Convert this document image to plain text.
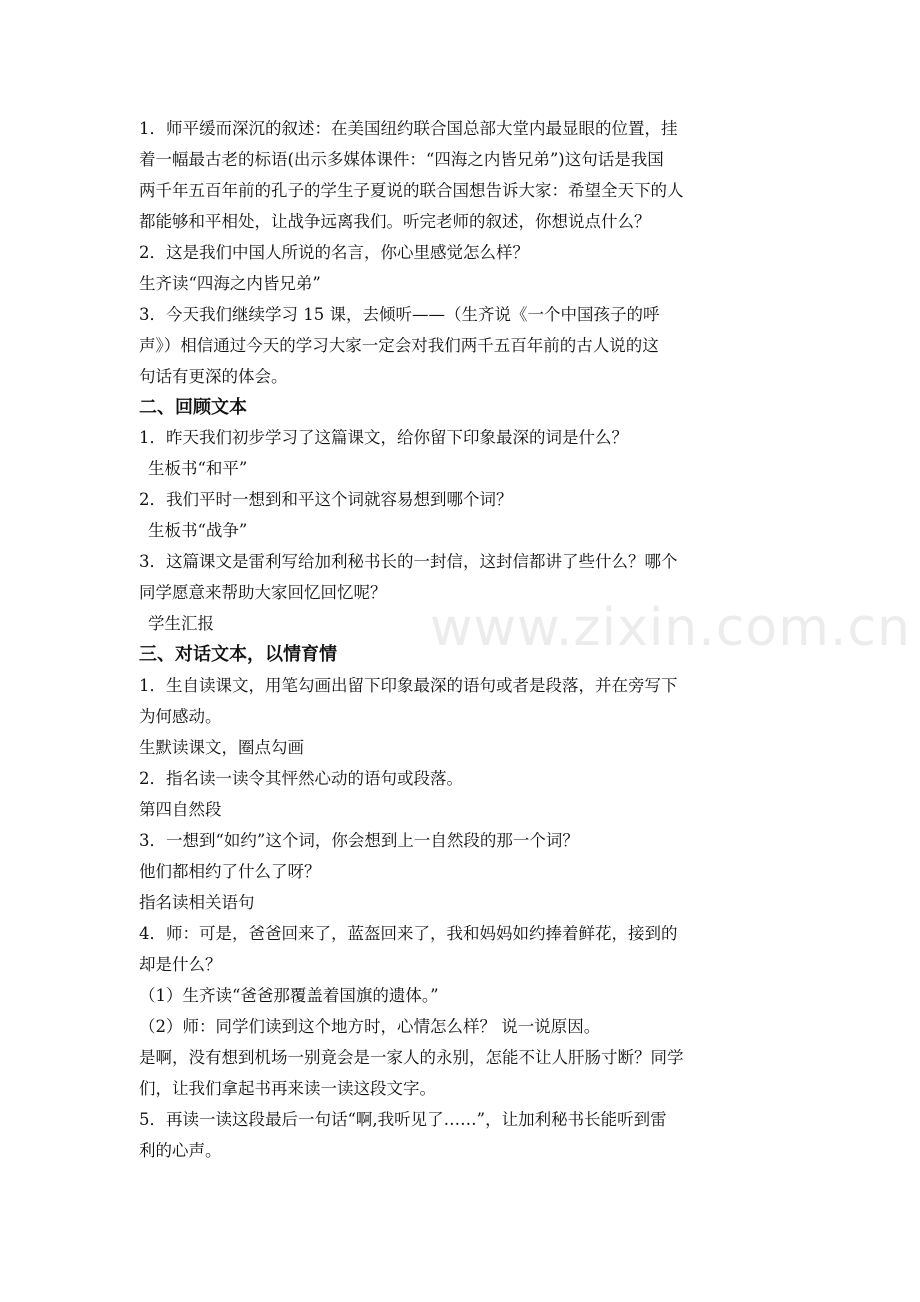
www.zixin.com.cn
1．师平缓而深沉的叙述：在美国纽约联合国总部大堂内最显眼的位置，挂
着一幅最古老的标语(出示多媒体课件：“四海之内皆兄弟”)这句话是我国
两千年五百年前的孔子的学生子夏说的联合国想告诉大家：希望全天下的人
都能够和平相处，让战争远离我们。听完老师的叙述，你想说点什么？
2．这是我们中国人所说的名言，你心里感觉怎么样？
生齐读“四海之内皆兄弟”
3．今天我们继续学习 15 课，去倾听——（生齐说《一个中国孩子的呼
声》）相信通过今天的学习大家一定会对我们两千五百年前的古人说的这
句话有更深的体会。
二、回顾文本
1．昨天我们初步学习了这篇课文，给你留下印象最深的词是什么？
生板书“和平”
2．我们平时一想到和平这个词就容易想到哪个词？
生板书“战争”
3．这篇课文是雷利写给加利秘书长的一封信，这封信都讲了些什么？哪个
同学愿意来帮助大家回忆回忆呢？
学生汇报
三、对话文本，以情育情
1．生自读课文，用笔勾画出留下印象最深的语句或者是段落，并在旁写下
为何感动。
生默读课文，圈点勾画
2．指名读一读令其怦然心动的语句或段落。
第四自然段
3．一想到“如约”这个词，你会想到上一自然段的那一个词？
他们都相约了什么了呀？
指名读相关语句
4．师：可是，爸爸回来了，蓝盔回来了，我和妈妈如约捧着鲜花，接到的
却是什么？
（1）生齐读“爸爸那覆盖着国旗的遗体。”
（2）师：同学们读到这个地方时，心情怎么样？ 说一说原因。
是啊，没有想到机场一别竟会是一家人的永别，怎能不让人肝肠寸断？同学
们，让我们拿起书再来读一读这段文字。
5．再读一读这段最后一句话“啊,我听见了……”，让加利秘书长能听到雷
利的心声。
